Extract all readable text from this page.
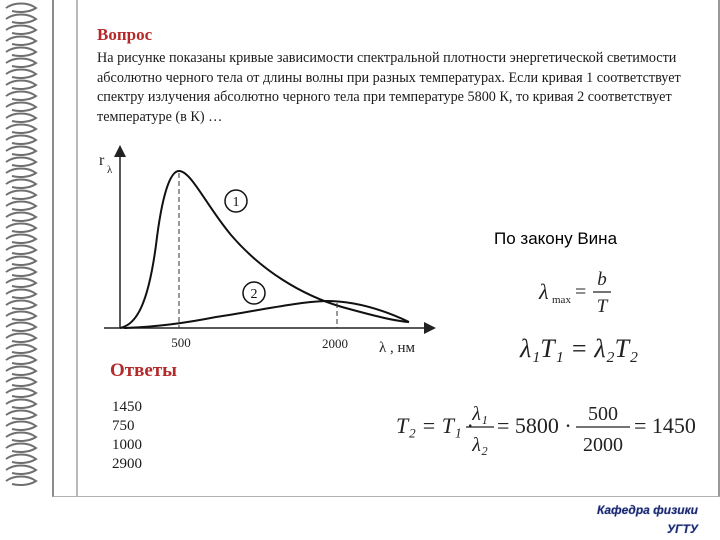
Вопрос
На рисунке показаны кривые зависимости спектральной плотности энергетической светимости абсолютно черного тела от длины волны при разных температурах. Если кривая 1 соответствует спектру излучения абсолютно черного тела при температуре 5800 К, то кривая 2 соответствует температуре (в К) …
r
λ
1
2
500	2000 λ , нм
Ответы
1450
750
1000
2900
По закону Вина
λ max =
b
T
λ₁T₁ = λ₂T₂
T₂ = T₁ · λ₁
λ₂
= 5800 · 500
2000
= 1450
Кафедра физики
УГТУ
